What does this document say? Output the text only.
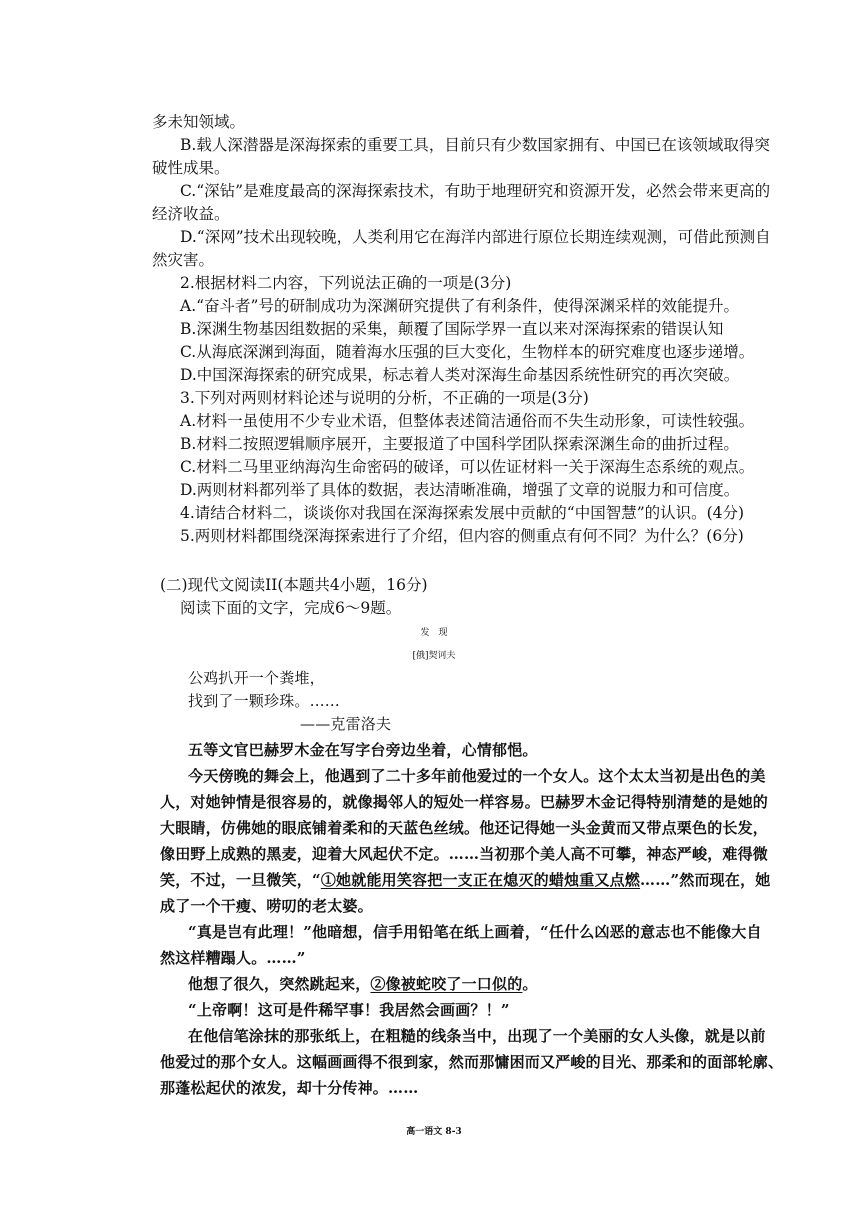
多未知领域。
B.载人深潜器是深海探索的重要工具，目前只有少数国家拥有、中国已在该领域取得突
破性成果。
C.“深钻”是难度最高的深海探索技术，有助于地理研究和资源开发，必然会带来更高的
经济收益。
D.“深网”技术出现较晚，人类利用它在海洋内部进行原位长期连续观测，可借此预测自
然灾害。
2.根据材料二内容，下列说法正确的一项是(3分)
A.“奋斗者”号的研制成功为深渊研究提供了有利条件，使得深渊采样的效能提升。
B.深渊生物基因组数据的采集，颠覆了国际学界一直以来对深海探索的错误认知
C.从海底深渊到海面，随着海水压强的巨大变化，生物样本的研究难度也逐步递增。
D.中国深海探索的研究成果，标志着人类对深海生命基因系统性研究的再次突破。
3.下列对两则材料论述与说明的分析，不正确的一项是(3分)
A.材料一虽使用不少专业术语，但整体表述简洁通俗而不失生动形象，可读性较强。
B.材料二按照逻辑顺序展开，主要报道了中国科学团队探索深渊生命的曲折过程。
C.材料二马里亚纳海沟生命密码的破译，可以佐证材料一关于深海生态系统的观点。
D.两则材料都列举了具体的数据，表达清晰准确，增强了文章的说服力和可信度。
4.请结合材料二，谈谈你对我国在深海探索发展中贡献的“中国智慧”的认识。(4分)
5.两则材料都围绕深海探索进行了介绍，但内容的侧重点有何不同？为什么？(6分)
(二)现代文阅读II(本题共4小题，16分)
阅读下面的文字，完成6～9题。
发　现
[俄]契诃夫
公鸡扒开一个粪堆，
找到了一颗珍珠。……
——克雷洛夫
五等文官巴赫罗木金在写字台旁边坐着，心情郁悒。
今天傍晚的舞会上，他遇到了二十多年前他爱过的一个女人。这个太太当初是出色的美
人，对她钟情是很容易的，就像揭邻人的短处一样容易。巴赫罗木金记得特别清楚的是她的
大眼睛，仿佛她的眼底铺着柔和的天蓝色丝绒。他还记得她一头金黄而又带点栗色的长发，
像田野上成熟的黑麦，迎着大风起伏不定。……当初那个美人高不可攀，神态严峻，难得微
笑，不过，一旦微笑，“①她就能用笑容把一支正在熄灭的蜡烛重又点燃……”然而现在，她
成了一个干瘦、唠叨的老太婆。
“真是岂有此理！”他暗想，信手用铅笔在纸上画着，“任什么凶恶的意志也不能像大自
然这样糟蹋人。……”
他想了很久，突然跳起来，②像被蛇咬了一口似的。
“上帝啊！这可是件稀罕事！我居然会画画？！”
在他信笔涂抹的那张纸上，在粗糙的线条当中，出现了一个美丽的女人头像，就是以前
他爱过的那个女人。这幅画画得不很到家，然而那慵困而又严峻的目光、那柔和的面部轮廓、
那蓬松起伏的浓发，却十分传神。……
高一语文 8-3
